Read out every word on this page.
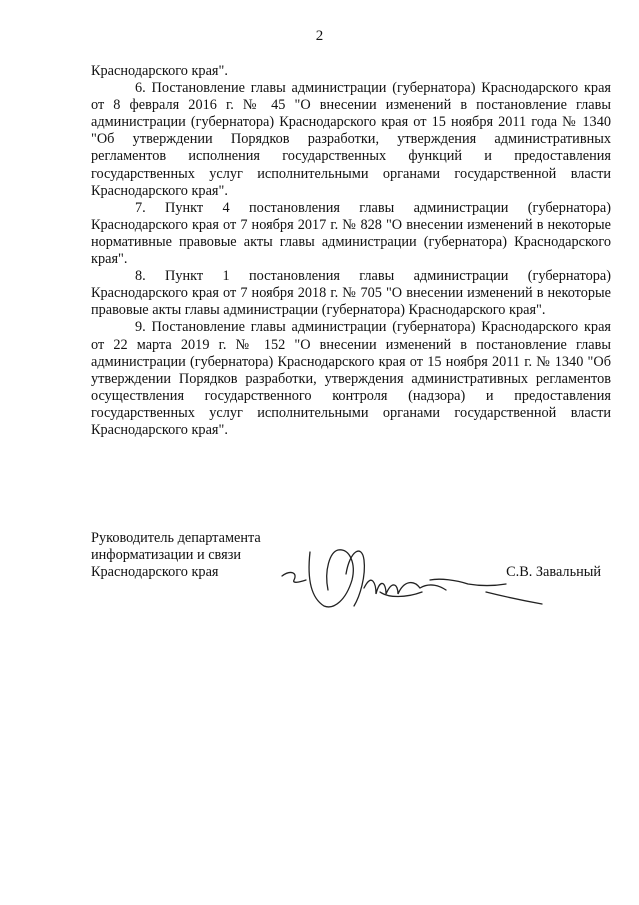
2

Краснодарского края".

6. Постановление главы администрации (губернатора) Краснодарского края от 8 февраля 2016 г. № 45 "О внесении изменений в постановление главы администрации (губернатора) Краснодарского края от 15 ноября 2011 года № 1340 "Об утверждении Порядков разработки, утверждения административных регламентов исполнения государственных функций и предоставления государственных услуг исполнительными органами государственной власти Краснодарского края".

7. Пункт 4 постановления главы администрации (губернатора) Краснодарского края от 7 ноября 2017 г. № 828 "О внесении изменений в некоторые нормативные правовые акты главы администрации (губернатора) Краснодарского края".

8. Пункт 1 постановления главы администрации (губернатора) Краснодарского края от 7 ноября 2018 г. № 705 "О внесении изменений в некоторые правовые акты главы администрации (губернатора) Краснодарского края".

9. Постановление главы администрации (губернатора) Краснодарского края от 22 марта 2019 г. № 152 "О внесении изменений в постановление главы администрации (губернатора) Краснодарского края от 15 ноября 2011 г. № 1340 "Об утверждении Порядков разработки, утверждения административных регламентов осуществления государственного контроля (надзора) и предоставления государственных услуг исполнительными органами государственной власти Краснодарского края".

Руководитель департамента

информатизации и связи

Краснодарского края	С.В. Завальный
